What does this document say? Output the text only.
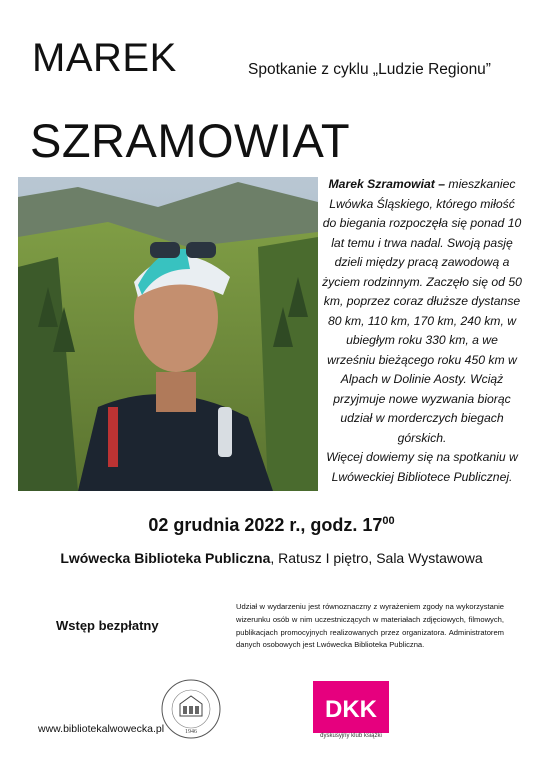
MAREK	Spotkanie z cyklu „Ludzie Regionu”
SZRAMOWIAT
Marek Szramowiat – mieszkaniec Lwówka Śląskiego, którego miłość do biegania rozpoczęła się ponad 10 lat temu i trwa nadal. Swoją pasję dzieli między pracą zawodową a życiem rodzinnym. Zaczęło się od 50 km, poprzez coraz dłuższe dystanse 80 km, 110 km, 170 km, 240 km, w ubiegłym roku 330 km, a we wrześniu bieżącego roku 450 km w Alpach w Dolinie Aosty. Wciąż przyjmuje nowe wyzwania biorąc udział w morderczych biegach górskich.
Więcej dowiemy się na spotkaniu w Lwóweckiej Bibliotece Publicznej.
02 grudnia 2022 r., godz. $17^{00}$
Lwówecka Biblioteka Publiczna, Ratusz I piętro, Sala Wystawowa
Wstęp bezpłatny
Udział w wydarzeniu jest równoznaczny z wyrażeniem zgody na wykorzystanie wizerunku osób w nim uczestniczących w materiałach zdjęciowych, filmowych, publikacjach promocyjnych realizowanych przez organizatora. Administratorem danych osobowych jest Lwówecka Biblioteka Publiczna.
www.bibliotekalwowecka.pl	1946
DKK
dyskusyjny klub książki
